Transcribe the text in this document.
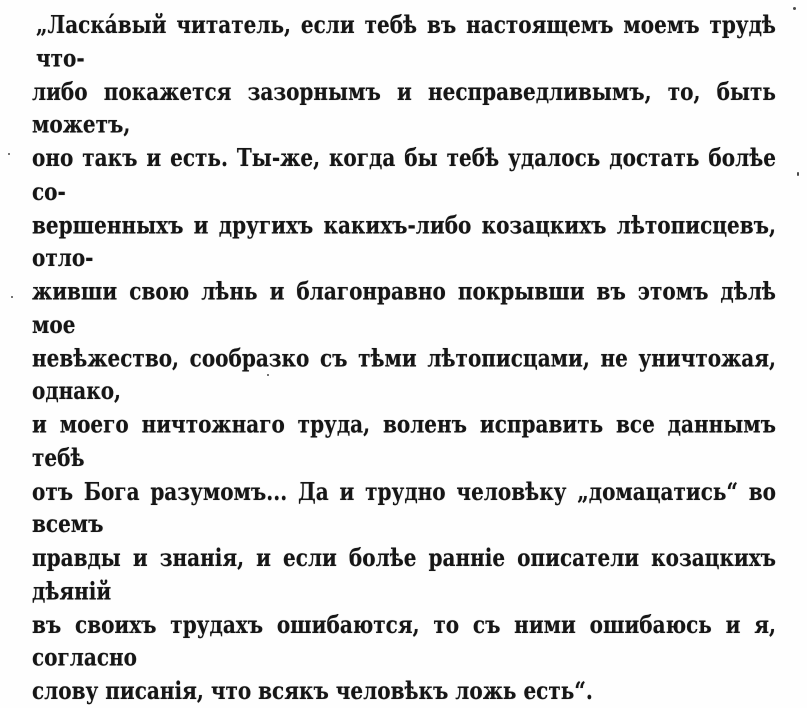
„Ласка́вый читатель, если тебѣ въ настоящемъ моемъ трудѣ что-
либо покажется зазорнымъ и несправедливымъ, то, быть можетъ,
оно такъ и есть. Ты-же, когда бы тебѣ удалось достать болѣе со-
вершенныхъ и другихъ какихъ-либо козацкихъ лѣтописцевъ, отло-
живши свою лѣнь и благонравно покрывши въ этомъ дѣлѣ мое
невѣжество, сообразко съ тѣми лѣтописцами, не уничтожая, однако,
и моего ничтожнаго труда, воленъ исправить все даннымъ тебѣ
отъ Бога разумомъ... Да и трудно человѣку „домацатись“ во всемъ
правды и знанія, и если болѣе ранніе описатели козацкихъ дѣяній
въ своихъ трудахъ ошибаются, то съ ними ошибаюсь и я, согласно
слову писанія, что всякъ человѣкъ ложь есть“.
